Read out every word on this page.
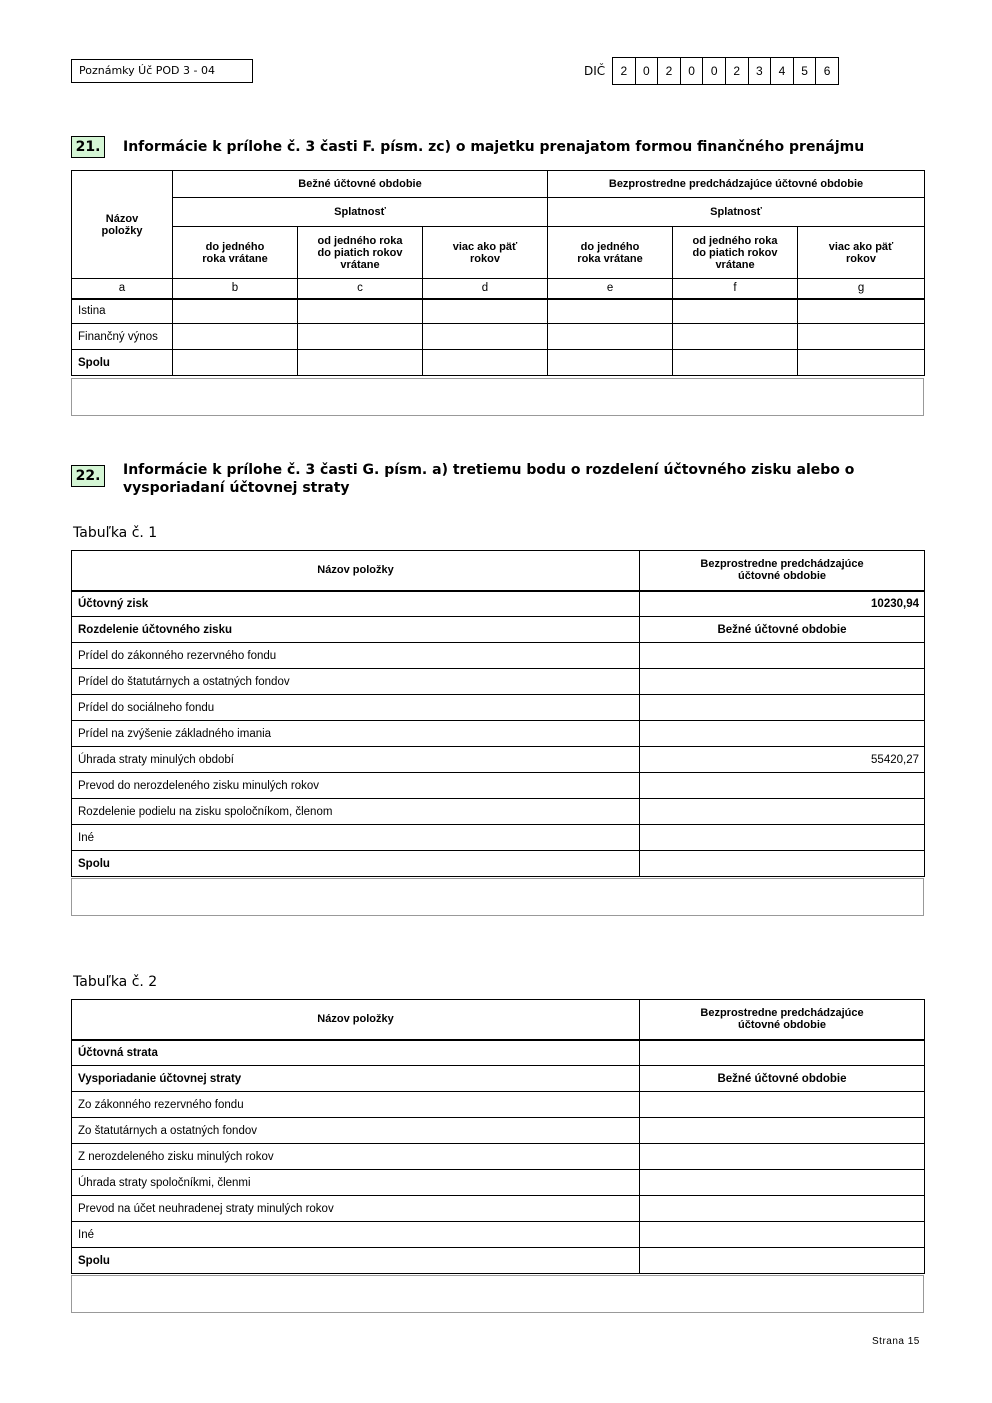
Poznámky Úč POD 3 - 04	DIČ	2	0	2	0	0	2	3	4	5	6
21.	Informácie k prílohe č. 3 časti F. písm. zc) o majetku prenajatom formou finančného prenájmu
Názov položky	Bežné účtovné obdobie			Bezprostredne predchádzajúce účtovné obdobie		
	Splatnosť			Splatnosť		
	do jedného roka vrátane	od jedného roka do piatich rokov vrátane	viac ako päť rokov	do jedného roka vrátane	od jedného roka do piatich rokov vrátane	viac ako päť rokov
a	b	c	d	e	f	g
Istina						
Finančný výnos						
Spolu						
22.	Informácie k prílohe č. 3 časti G. písm. a) tretiemu bodu o rozdelení účtovného zisku alebo o vysporiadaní účtovnej straty
Tabuľka č. 1
Názov položky	Bezprostredne predchádzajúce účtovné obdobie
Účtovný zisk	10230,94
Rozdelenie účtovného zisku	Bežné účtovné obdobie
Prídel do zákonného rezervného fondu	
Prídel do štatutárnych a ostatných fondov	
Prídel do sociálneho fondu	
Prídel na zvýšenie základného imania	
Úhrada straty minulých období	55420,27
Prevod do nerozdeleného zisku minulých rokov	
Rozdelenie podielu na zisku spoločníkom, členom	
Iné	
Spolu	
Tabuľka č. 2
Názov položky	Bezprostredne predchádzajúce účtovné obdobie
Účtovná strata	
Vysporiadanie účtovnej straty	Bežné účtovné obdobie
Zo zákonného rezervného fondu	
Zo štatutárnych a ostatných fondov	
Z nerozdeleného zisku minulých rokov	
Úhrada straty spoločníkmi, členmi	
Prevod na účet neuhradenej straty minulých rokov	
Iné	
Spolu	
Strana 15
